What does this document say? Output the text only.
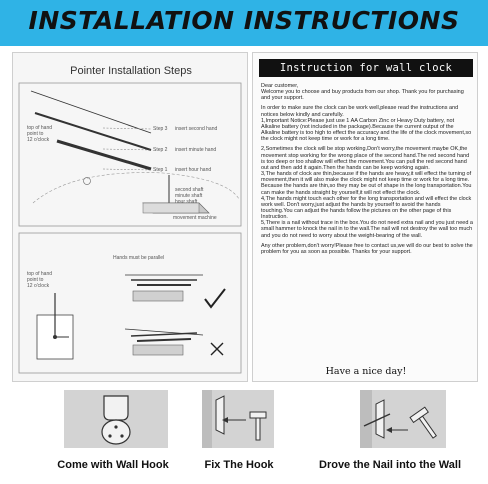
INSTALLATION INSTRUCTIONS
Pointer Installation Steps
top of hand
point to
12 o'clock
Step 3 insert second hand
Step 2 insert minute hand
Step 1 insert hour hand
second shaft
minute shaft
hour shaft
movement machine
Hands must be parallel
top of hand
point to
12 o'clock
Instruction for wall clock

Dear customer,

Welcome you to choose and buy products from our shop. Thank you for purchasing and your support.

In order to make sure the clock can be work well,please read the instructions and notices below kindly and carefully.

1,Important Notice:Please just use 1 AA Carbon Zinc or Heavy Duty battery, not Alkaline battery (not included in the package).Because the current output of the Alkaline battery is too high to effect the accuracy and the life of the clock movement,so the clock might not keep time or work for a long time.

2,Sometimes the clock will be stop working,Don't worry,the movement maybe OK,the movement stop working for the wrong place of the second hand.The red second hand is too deep or too shallow will effect the movement.You can pull the red second hand out and then add it again.Then the hands can be keep working again.

3,The hands of clock are thin,because if the hands are heavy,it will effect the turning of movement,then it will also make the clock might not keep time or work for a long time.

Because the hands are thin,so they may be out of shape in the long transportation.You can make the hands straight by yourself,it will not effect the clock.

4,The hands might touch each other for the long transportation and will effect the clock work well. Don't worry,just adjust the hands by yourself to avoid the hands touching.You can adjust the hands follow the pictures on the other page of this Instruction.

5,There is a nail without trace in the box.You do not need extra nail and you just need a small hammer to knock the nail in to the wall.The nail will not destroy the wall too much and you do not need to worry about the weight-bearing of the wall.

Any other problem,don't worry!Please free to contact us,we will do our best to solve the problem for you as soon as possible. Thanks for your support.

Have a nice day!
Come with Wall Hook	Fix The Hook	Drove the Nail into the Wall
